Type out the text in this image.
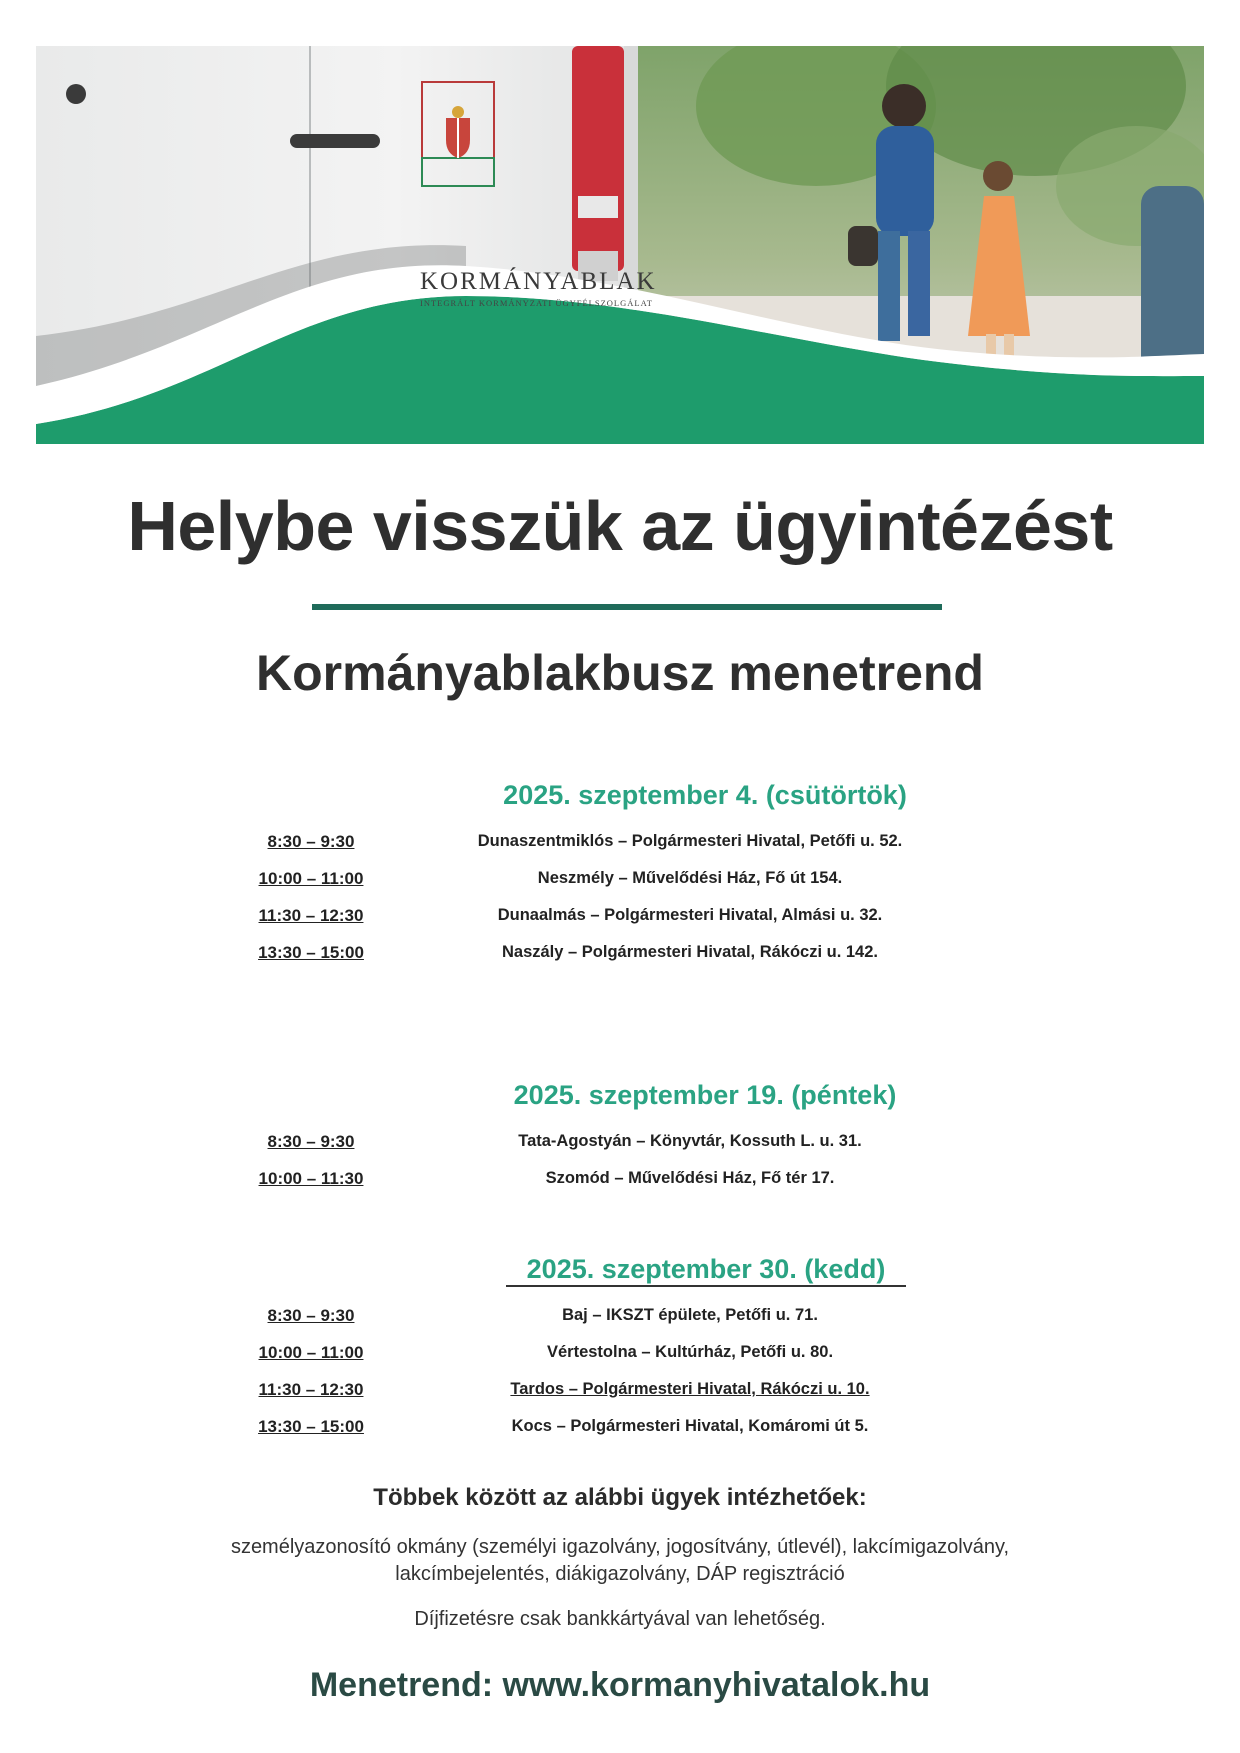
KORMÁNYABLAK
INTEGRÁLT KORMÁNYZATI ÜGYFÉLSZOLGÁLAT
Helybe visszük az ügyintézést
Kormányablakbusz menetrend
2025. szeptember 4. (csütörtök)
8:30 – 9:30	Dunaszentmiklós – Polgármesteri Hivatal, Petőfi u. 52.
10:00 – 11:00	Neszmély – Művelődési Ház, Fő út 154.
11:30 – 12:30	Dunaalmás – Polgármesteri Hivatal, Almási u. 32.
13:30 – 15:00	Naszály – Polgármesteri Hivatal, Rákóczi u. 142.
2025. szeptember 19. (péntek)
8:30 – 9:30	Tata-Agostyán – Könyvtár, Kossuth L. u. 31.
10:00 – 11:30	Szomód – Művelődési Ház, Fő tér 17.
2025. szeptember 30. (kedd)
8:30 – 9:30	Baj – IKSZT épülete, Petőfi u. 71.
10:00 – 11:00	Vértestolna – Kultúrház, Petőfi u. 80.
11:30 – 12:30	Tardos – Polgármesteri Hivatal, Rákóczi u. 10.
13:30 – 15:00	Kocs – Polgármesteri Hivatal, Komáromi út 5.
Többek között az alábbi ügyek intézhetőek:
személyazonosító okmány (személyi igazolvány, jogosítvány, útlevél), lakcímigazolvány,
lakcímbejelentés, diákigazolvány, DÁP regisztráció
Díjfizetésre csak bankkártyával van lehetőség.
Menetrend: www.kormanyhivatalok.hu
